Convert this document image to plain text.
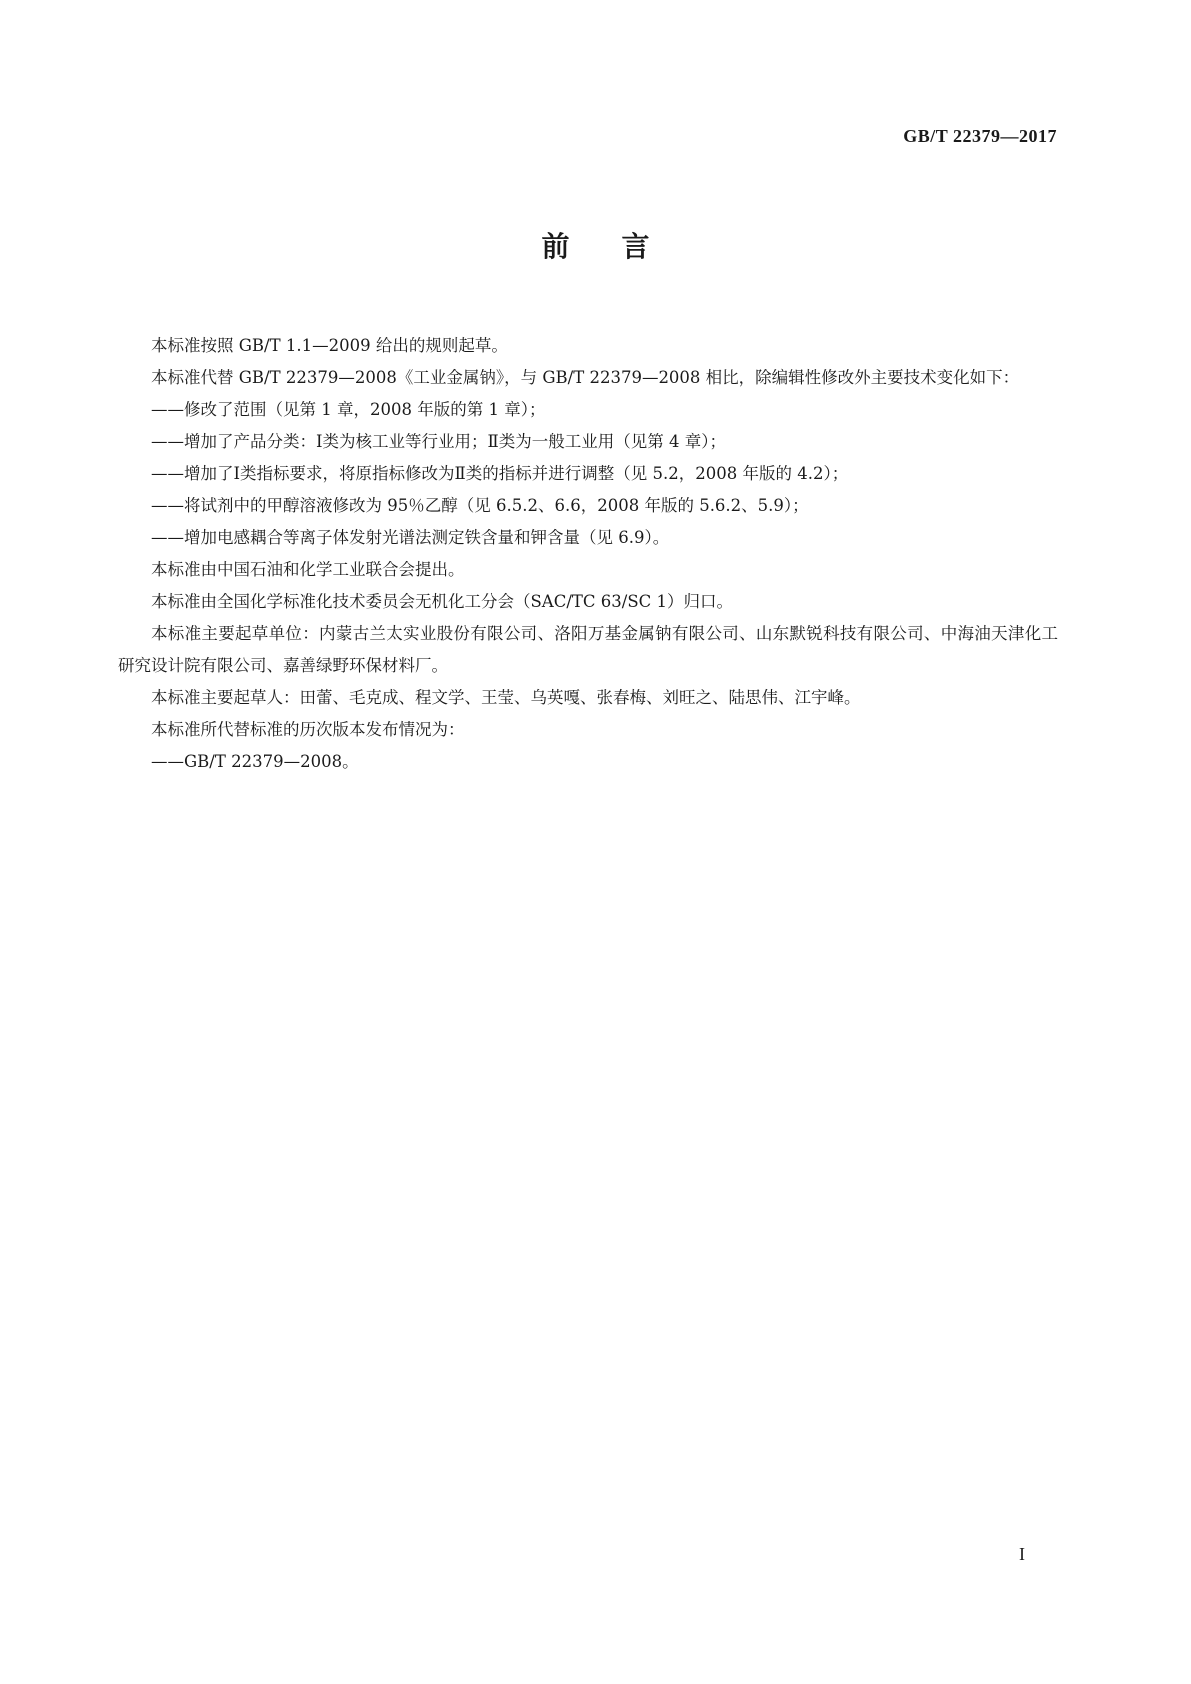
GB/T 22379—2017
前言

本标准按照 GB/T 1.1—2009 给出的规则起草。

本标准代替 GB/T 22379—2008《工业金属钠》，与 GB/T 22379—2008 相比，除编辑性修改外主要技术变化如下：

——修改了范围（见第 1 章，2008 年版的第 1 章）；

——增加了产品分类：Ⅰ类为核工业等行业用；Ⅱ类为一般工业用（见第 4 章）；

——增加了Ⅰ类指标要求，将原指标修改为Ⅱ类的指标并进行调整（见 5.2，2008 年版的 4.2）；

——将试剂中的甲醇溶液修改为 95％乙醇（见 6.5.2、6.6，2008 年版的 5.6.2、5.9）；

——增加电感耦合等离子体发射光谱法测定铁含量和钾含量（见 6.9）。

本标准由中国石油和化学工业联合会提出。

本标准由全国化学标准化技术委员会无机化工分会（SAC/TC 63/SC 1）归口。

本标准主要起草单位：内蒙古兰太实业股份有限公司、洛阳万基金属钠有限公司、山东默锐科技有限公司、中海油天津化工研究设计院有限公司、嘉善绿野环保材料厂。

本标准主要起草人：田蕾、毛克成、程文学、王莹、乌英嘎、张春梅、刘旺之、陆思伟、江宇峰。

本标准所代替标准的历次版本发布情况为：

——GB/T 22379—2008。

I
